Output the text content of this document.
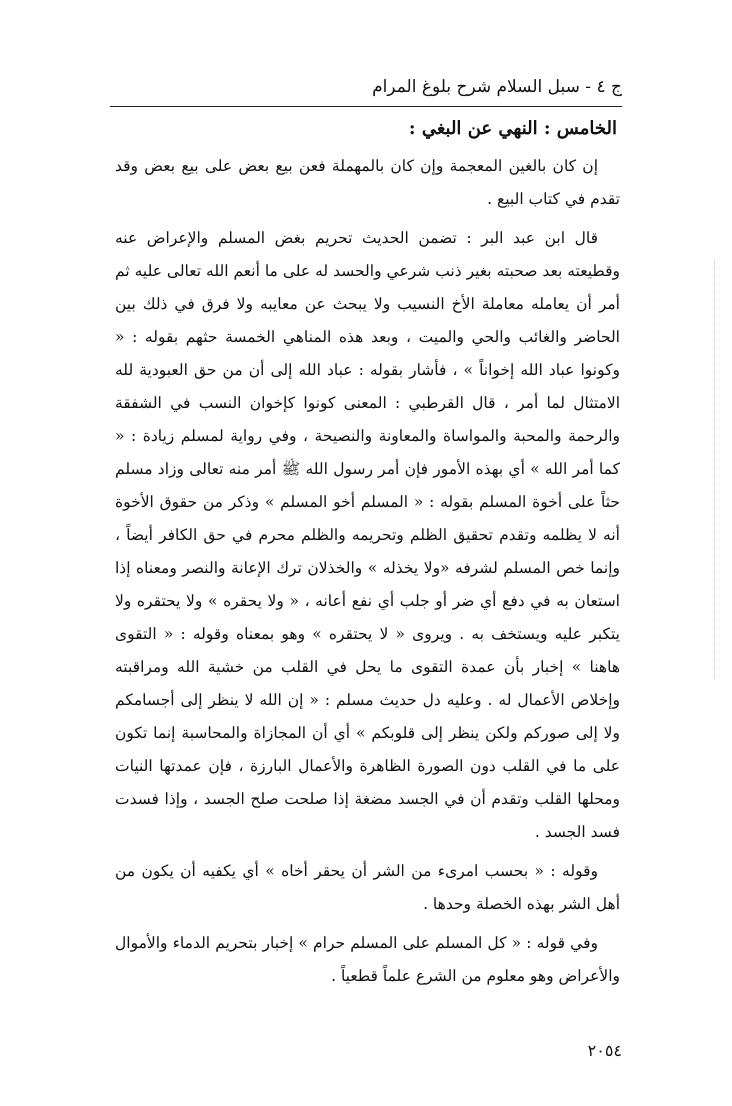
ج ٤ - سبل السلام شرح بلوغ المرام
الخامس : النهي عن البغي :

إن كان بالغين المعجمة وإن كان بالمهملة فعن بيع بعض على بيع بعض وقد تقدم في كتاب البيع .

قال ابن عبد البر : تضمن الحديث تحريم بغض المسلم والإعراض عنه وقطيعته بعد صحبته بغير ذنب شرعي والحسد له على ما أنعم الله تعالى عليه ثم أمر أن يعامله معاملة الأخ النسيب ولا يبحث عن معايبه ولا فرق في ذلك بين الحاضر والغائب والحي والميت ، وبعد هذه المناهي الخمسة حثهم بقوله : « وكونوا عباد الله إخواناً » ، فأشار بقوله : عباد الله إلى أن من حق العبودية لله الامتثال لما أمر ، قال القرطبي : المعنى كونوا كإخوان النسب في الشفقة والرحمة والمحبة والمواساة والمعاونة والنصيحة ، وفي رواية لمسلم زيادة : « كما أمر الله » أي بهذه الأمور فإن أمر رسول الله ﷺ أمر منه تعالى وزاد مسلم حثاً على أخوة المسلم بقوله : « المسلم أخو المسلم » وذكر من حقوق الأخوة أنه لا يظلمه وتقدم تحقيق الظلم وتحريمه والظلم محرم في حق الكافر أيضاً ، وإنما خص المسلم لشرفه «ولا يخذله » والخذلان ترك الإعانة والنصر ومعناه إذا استعان به في دفع أي ضر أو جلب أي نفع أعانه ، « ولا يحقره » ولا يحتقره ولا يتكبر عليه ويستخف به . ويروى « لا يحتقره » وهو بمعناه وقوله : « التقوى هاهنا » إخبار بأن عمدة التقوى ما يحل في القلب من خشية الله ومراقبته وإخلاص الأعمال له . وعليه دل حديث مسلم : « إن الله لا ينظر إلى أجسامكم ولا إلى صوركم ولكن ينظر إلى قلوبكم » أي أن المجازاة والمحاسبة إنما تكون على ما في القلب دون الصورة الظاهرة والأعمال البارزة ، فإن عمدتها النيات ومحلها القلب وتقدم أن في الجسد مضغة إذا صلحت صلح الجسد ، وإذا فسدت فسد الجسد .

وقوله : « بحسب امرىء من الشر أن يحقر أخاه » أي يكفيه أن يكون من أهل الشر بهذه الخصلة وحدها .

وفي قوله : « كل المسلم على المسلم حرام » إخبار بتحريم الدماء والأموال والأعراض وهو معلوم من الشرع علماً قطعياً .

٢٠٥٤
